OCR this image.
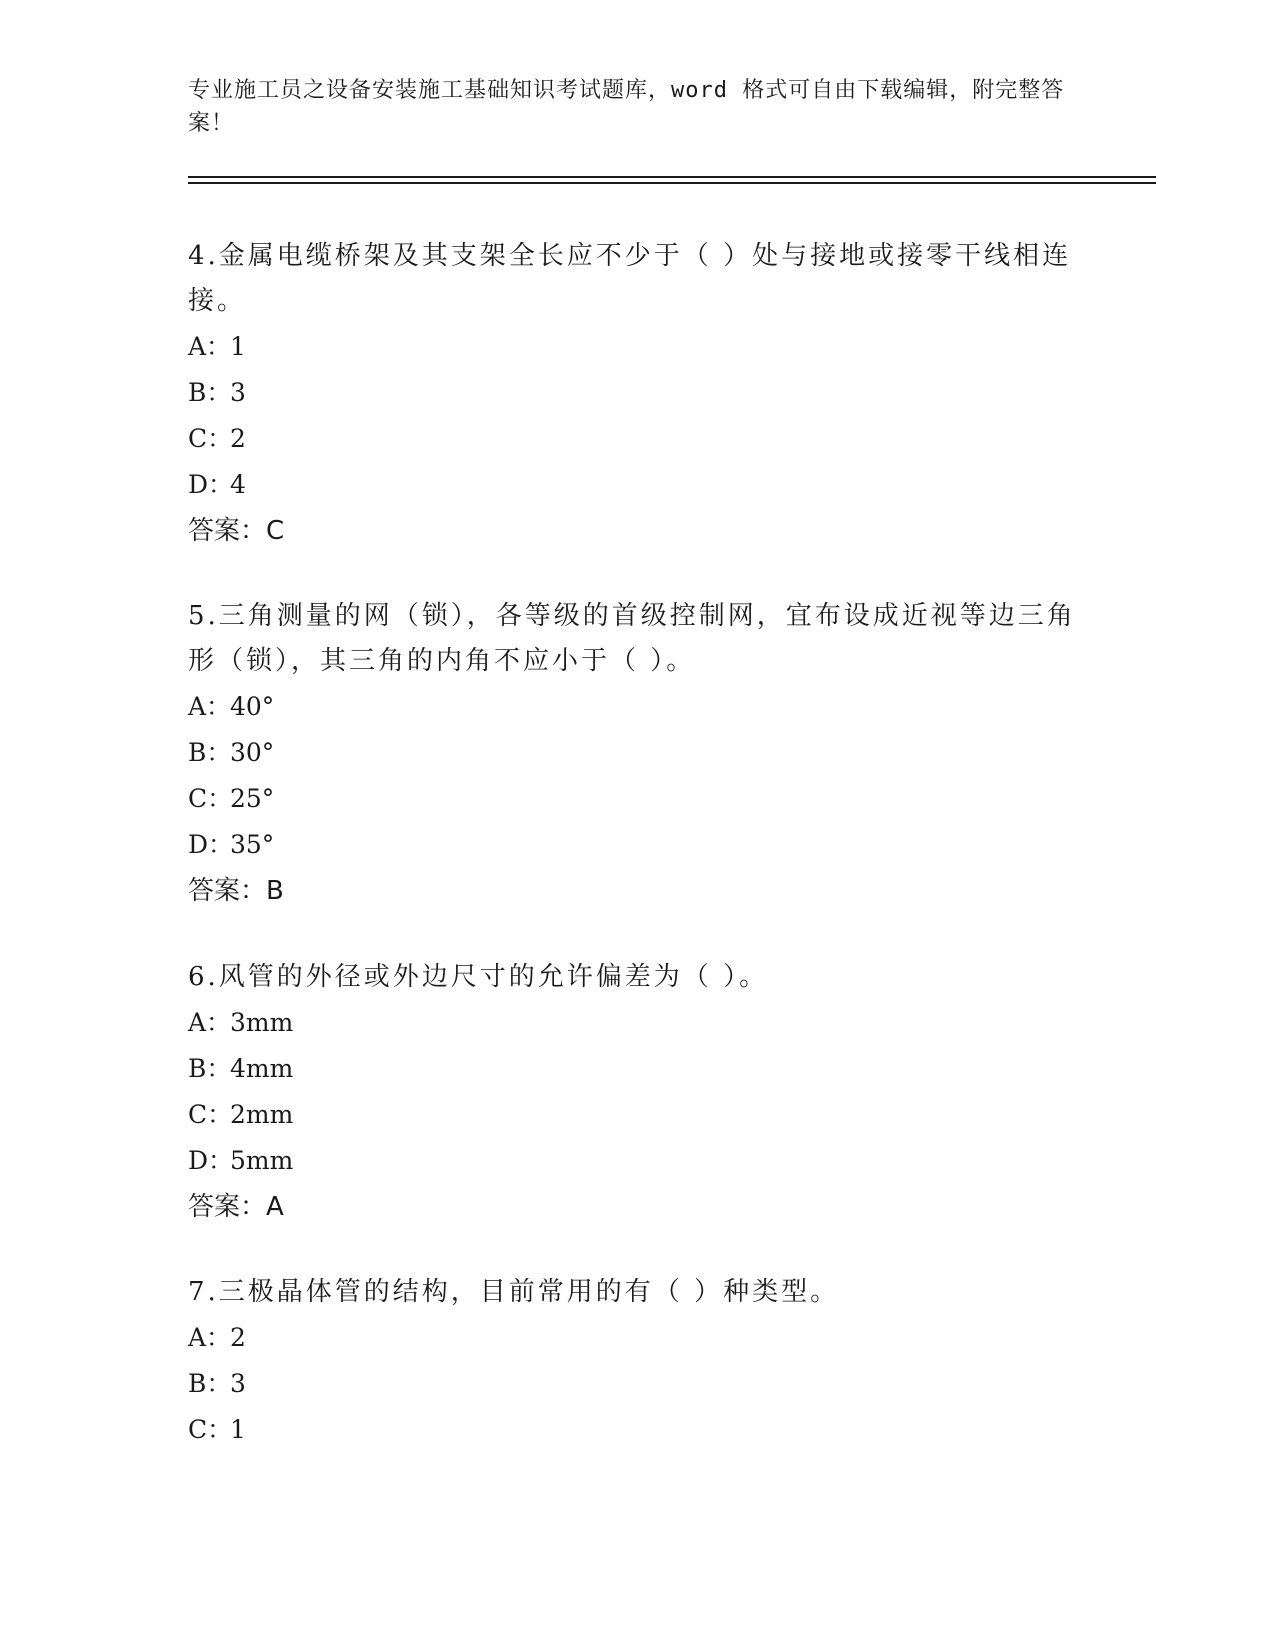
专业施工员之设备安装施工基础知识考试题库，word 格式可自由下载编辑，附完整答案！

4.金属电缆桥架及其支架全长应不少于（ ）处与接地或接零干线相连接。

A：1

B：3

C：2

D：4

答案：C

5.三角测量的网（锁），各等级的首级控制网，宜布设成近视等边三角形（锁），其三角的内角不应小于（ ）。

A：40°

B：30°

C：25°

D：35°

答案：B

6.风管的外径或外边尺寸的允许偏差为（ ）。

A：3mm

B：4mm

C：2mm

D：5mm

答案：A

7.三极晶体管的结构，目前常用的有（ ）种类型。

A：2

B：3

C：1
